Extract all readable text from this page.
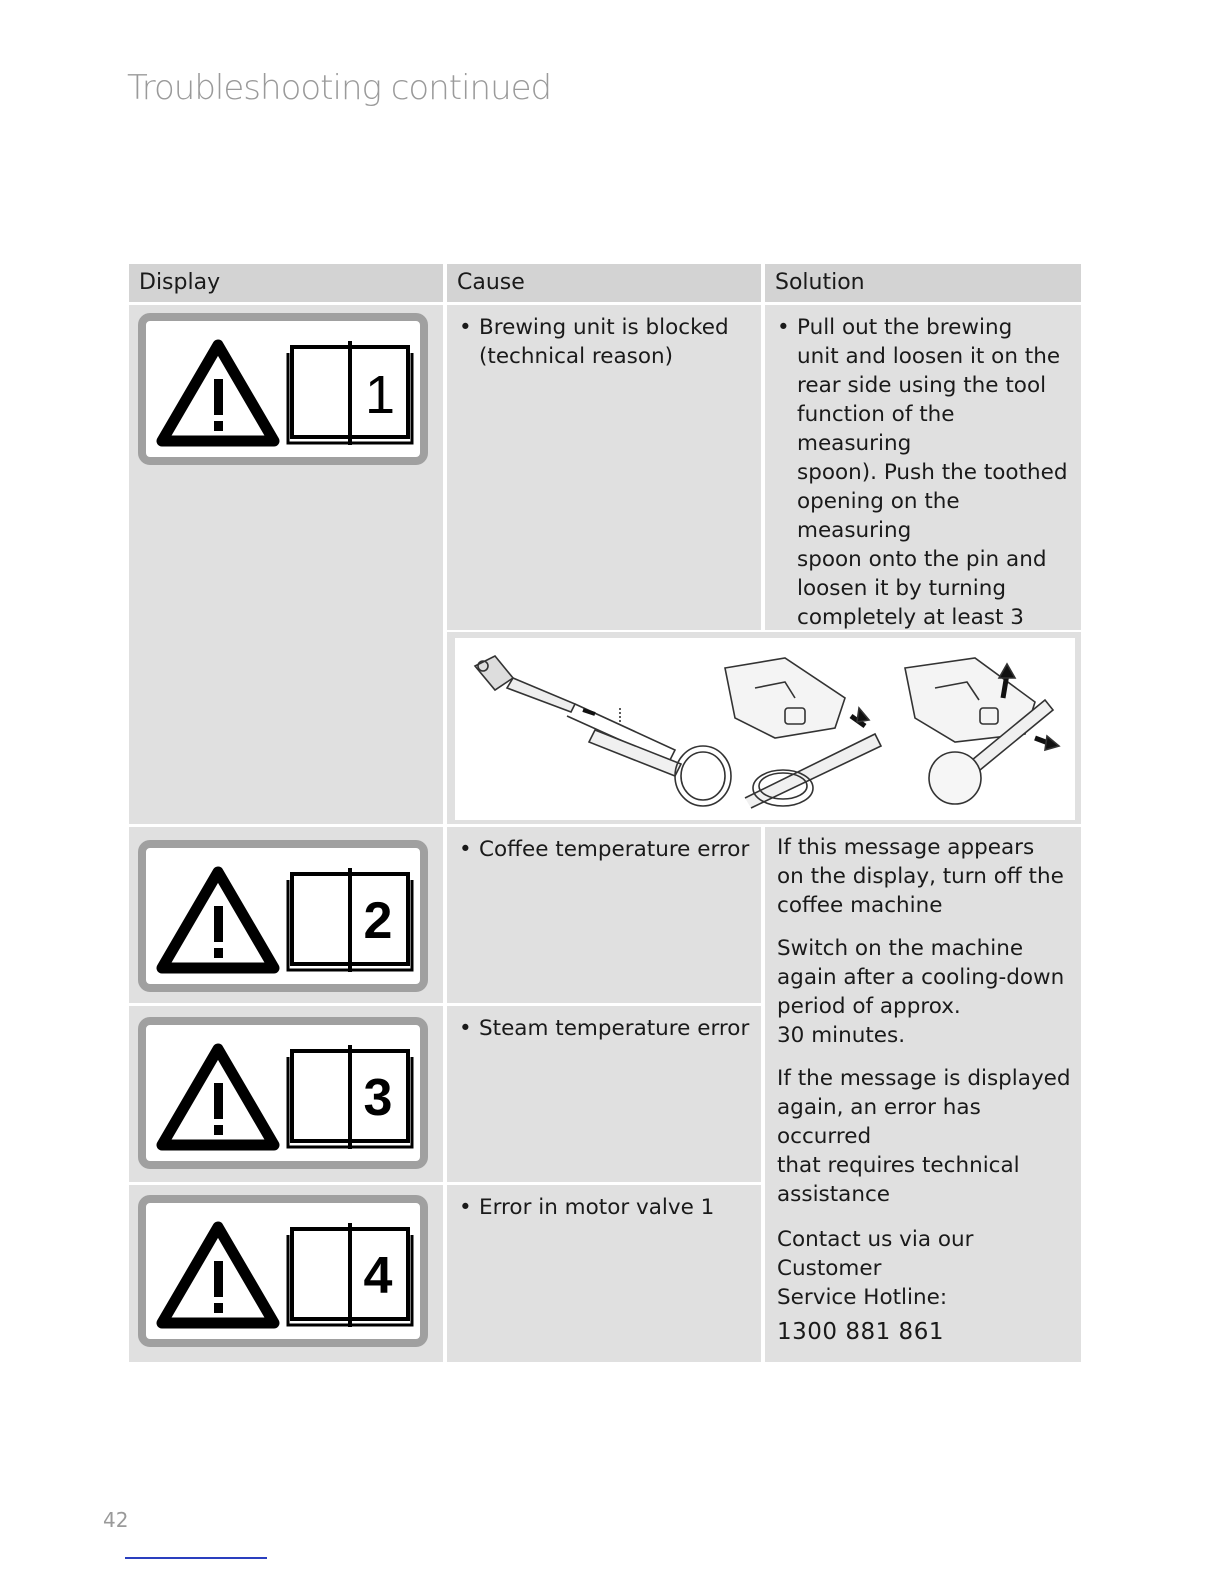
Troubleshooting continued
Display	Cause	Solution
• Brewing unit is blocked
(technical reason)
• Pull out the brewing
unit and loosen it on the
rear side using the tool
function of the measuring
spoon). Push the toothed
opening on the measuring
spoon onto the pin and
loosen it by turning
completely at least 3
• Coffee temperature error
• Steam temperature error
• Error in motor valve 1

If this message appears
on the display, turn off the
coffee machine

Switch on the machine
again after a cooling-down
period of approx.
30 minutes.

If the message is displayed
again, an error has occurred
that requires technical
assistance

Contact us via our Customer
Service Hotline:

1300 881 861

1
2
3
4
42
